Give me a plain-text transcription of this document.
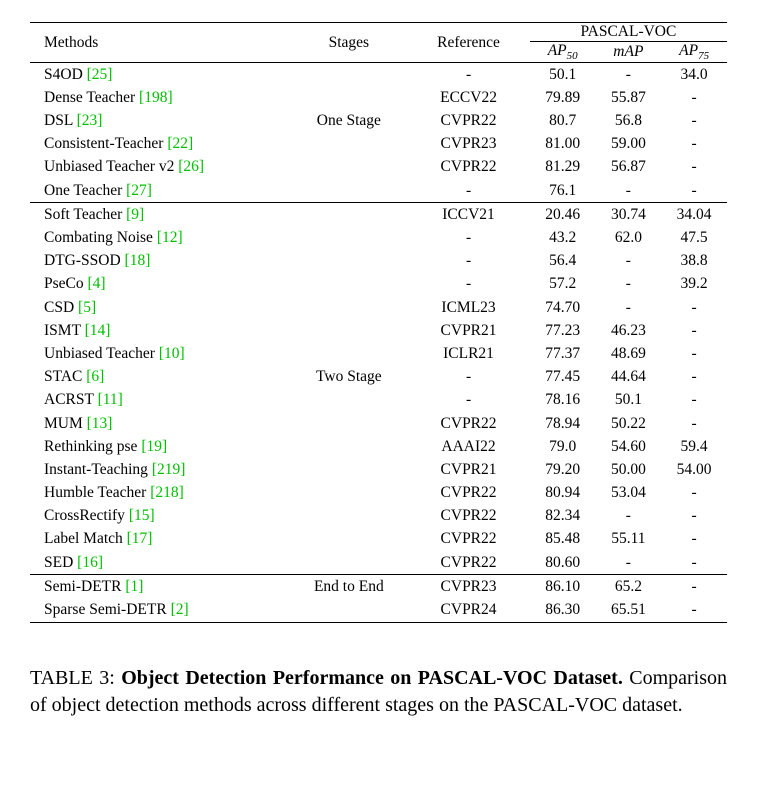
Methods	Stages	Reference	PASCAL-VOC		
			$AP_{50}$	mAP	$AP_{75}$
S4OD [25]		-	50.1	-	34.0
Dense Teacher [198]		ECCV22	79.89	55.87	-
DSL [23]	One Stage	CVPR22	80.7	56.8	-
Consistent-Teacher [22]		CVPR23	81.00	59.00	-
Unbiased Teacher v2 [26]		CVPR22	81.29	56.87	-
One Teacher [27]		-	76.1	-	-
Soft Teacher [9]		ICCV21	20.46	30.74	34.04
Combating Noise [12]		-	43.2	62.0	47.5
DTG-SSOD [18]		-	56.4	-	38.8
PseCo [4]		-	57.2	-	39.2
CSD [5]		ICML23	74.70	-	-
ISMT [14]		CVPR21	77.23	46.23	-
Unbiased Teacher [10]		ICLR21	77.37	48.69	-
STAC [6]	Two Stage	-	77.45	44.64	-
ACRST [11]		-	78.16	50.1	-
MUM [13]		CVPR22	78.94	50.22	-
Rethinking pse [19]		AAAI22	79.0	54.60	59.4
Instant-Teaching [219]		CVPR21	79.20	50.00	54.00
Humble Teacher [218]		CVPR22	80.94	53.04	-
CrossRectify [15]		CVPR22	82.34	-	-
Label Match [17]		CVPR22	85.48	55.11	-
SED [16]		CVPR22	80.60	-	-
Semi-DETR [1]	End to End	CVPR23	86.10	65.2	-
Sparse Semi-DETR [2]		CVPR24	86.30	65.51	-
TABLE 3: Object Detection Performance on PASCAL-VOC Dataset. Comparison of object detection methods across different stages on the PASCAL-VOC dataset.
